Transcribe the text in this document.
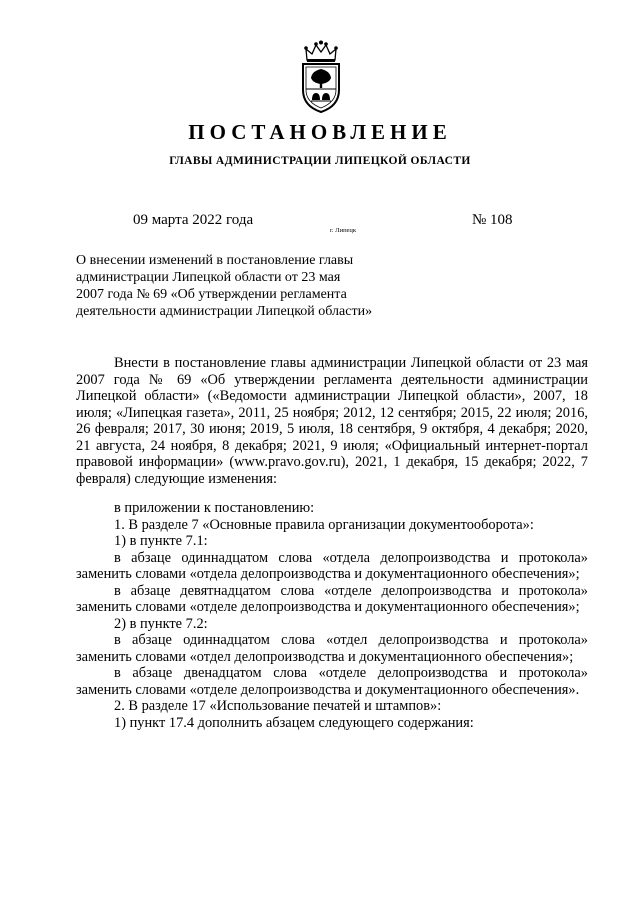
ПОСТАНОВЛЕНИЕ
ГЛАВЫ АДМИНИСТРАЦИИ ЛИПЕЦКОЙ ОБЛАСТИ
09 марта 2022 года
г. Липецк
№ 108
О внесении изменений в постановление главы
администрации Липецкой области от 23 мая
2007 года № 69 «Об утверждении регламента
деятельности администрации Липецкой области»

Внести в постановление главы администрации Липецкой области от 23 мая 2007 года № 69 «Об утверждении регламента деятельности администрации Липецкой области» («Ведомости администрации Липецкой области», 2007, 18 июля; «Липецкая газета», 2011, 25 ноября; 2012, 12 сентября; 2015, 22 июля; 2016, 26 февраля; 2017, 30 июня; 2019, 5 июля, 18 сентября, 9 октября, 4 декабря; 2020, 21 августа, 24 ноября, 8 декабря; 2021, 9 июля; «Официальный интернет-портал правовой информации» (www.pravo.gov.ru), 2021, 1 декабря, 15 декабря; 2022, 7 февраля) следующие изменения:

в приложении к постановлению:

1. В разделе 7 «Основные правила организации документооборота»:

1) в пункте 7.1:

в абзаце одиннадцатом слова «отдела делопроизводства и протокола» заменить словами «отдела делопроизводства и документационного обеспечения»;

в абзаце девятнадцатом слова «отделе делопроизводства и протокола» заменить словами «отделе делопроизводства и документационного обеспечения»;

2) в пункте 7.2:

в абзаце одиннадцатом слова «отдел делопроизводства и протокола» заменить словами «отдел делопроизводства и документационного обеспечения»;

в абзаце двенадцатом слова «отделе делопроизводства и протокола» заменить словами «отделе делопроизводства и документационного обеспечения».

2. В разделе 17 «Использование печатей и штампов»:

1) пункт 17.4 дополнить абзацем следующего содержания:
